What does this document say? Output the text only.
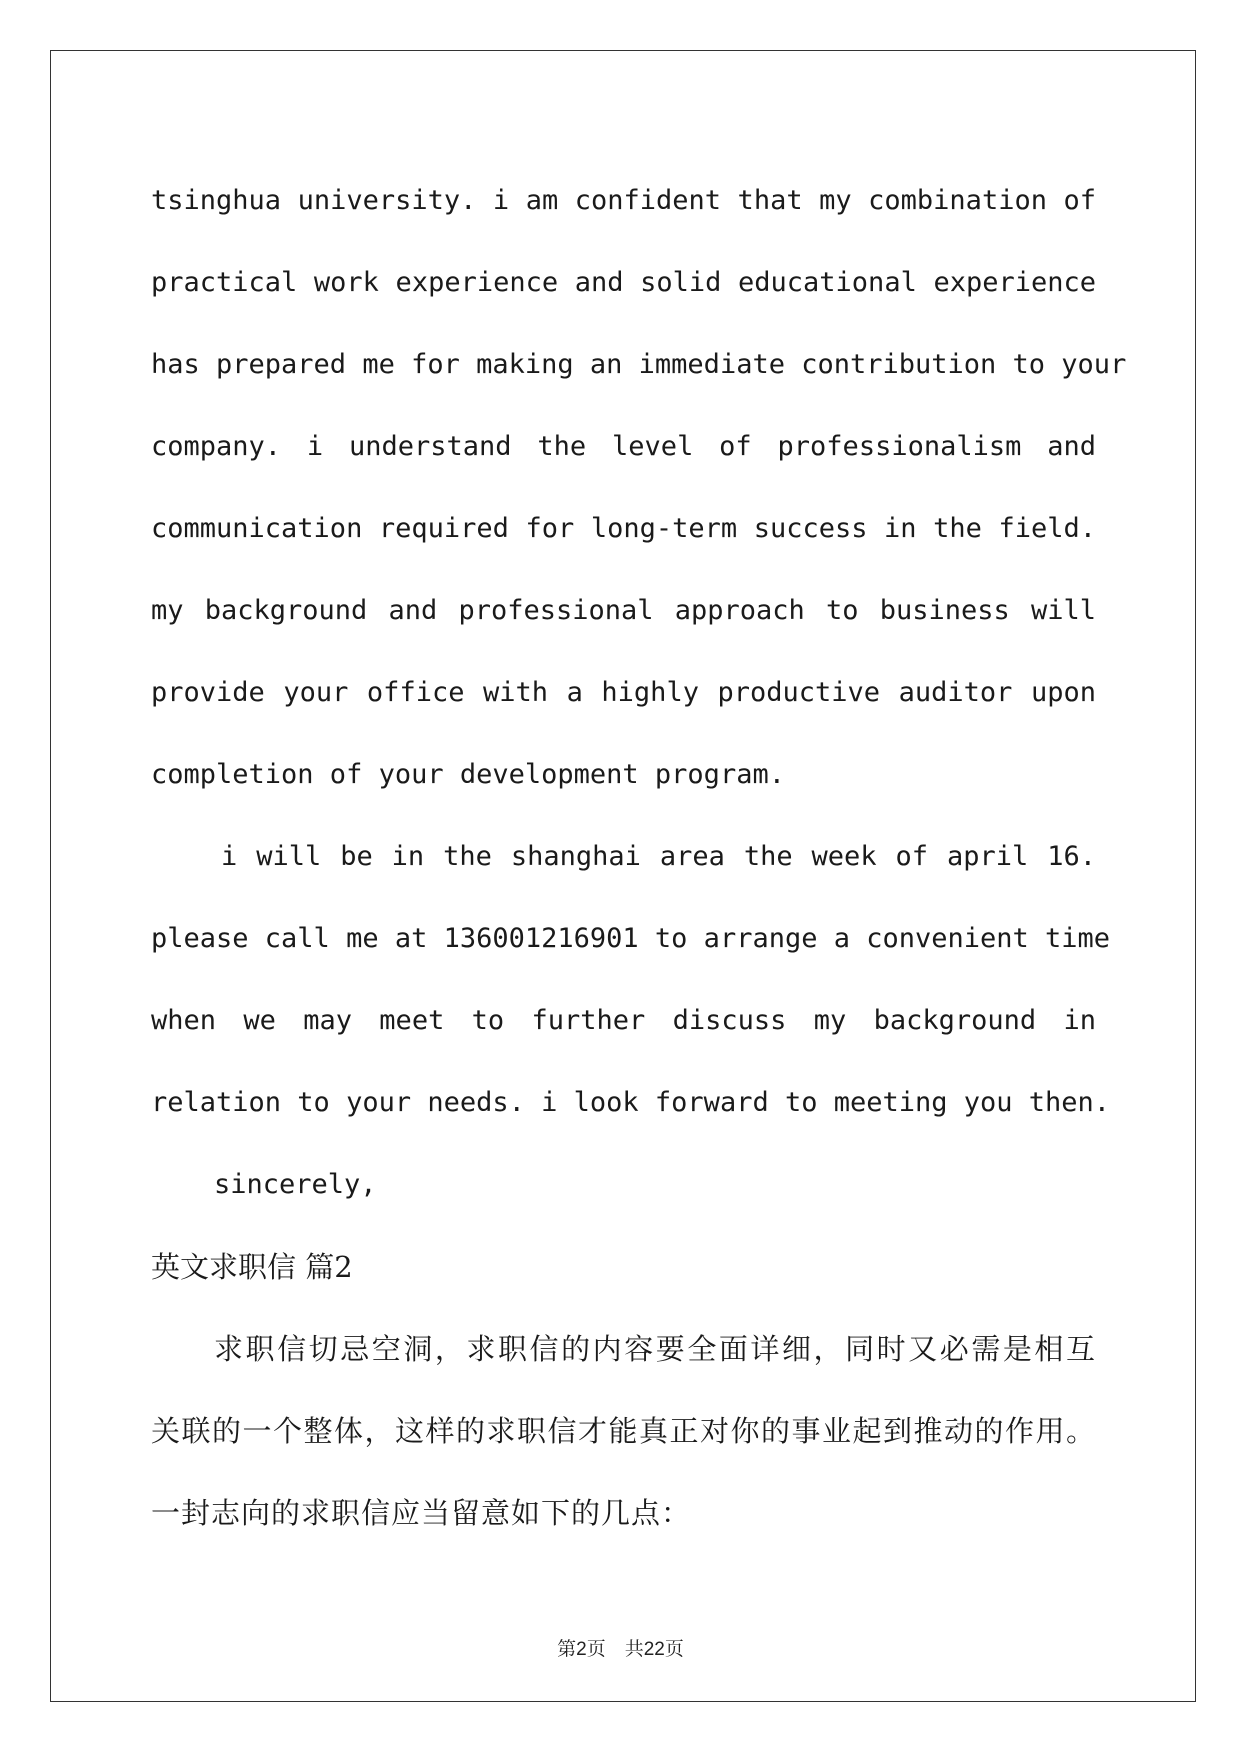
tsinghua university. i am confident that my combination of
practical work experience and solid educational experience
has prepared me for making an immediate contribution to your
company. i understand the level of professionalism and
communication required for long-term success in the field.
my background and professional approach to business will
provide your office with a highly productive auditor upon
completion of your development program.
i will be in the shanghai area the week of april 16.
please call me at 136001216901 to arrange a convenient time
when we may meet to further discuss my background in
relation to your needs. i look forward to meeting you then.
sincerely,
英文求职信 篇2
求职信切忌空洞，求职信的内容要全面详细，同时又必需是相互
关联的一个整体，这样的求职信才能真正对你的事业起到推动的作用。
一封志向的求职信应当留意如下的几点：
第2页　共22页
